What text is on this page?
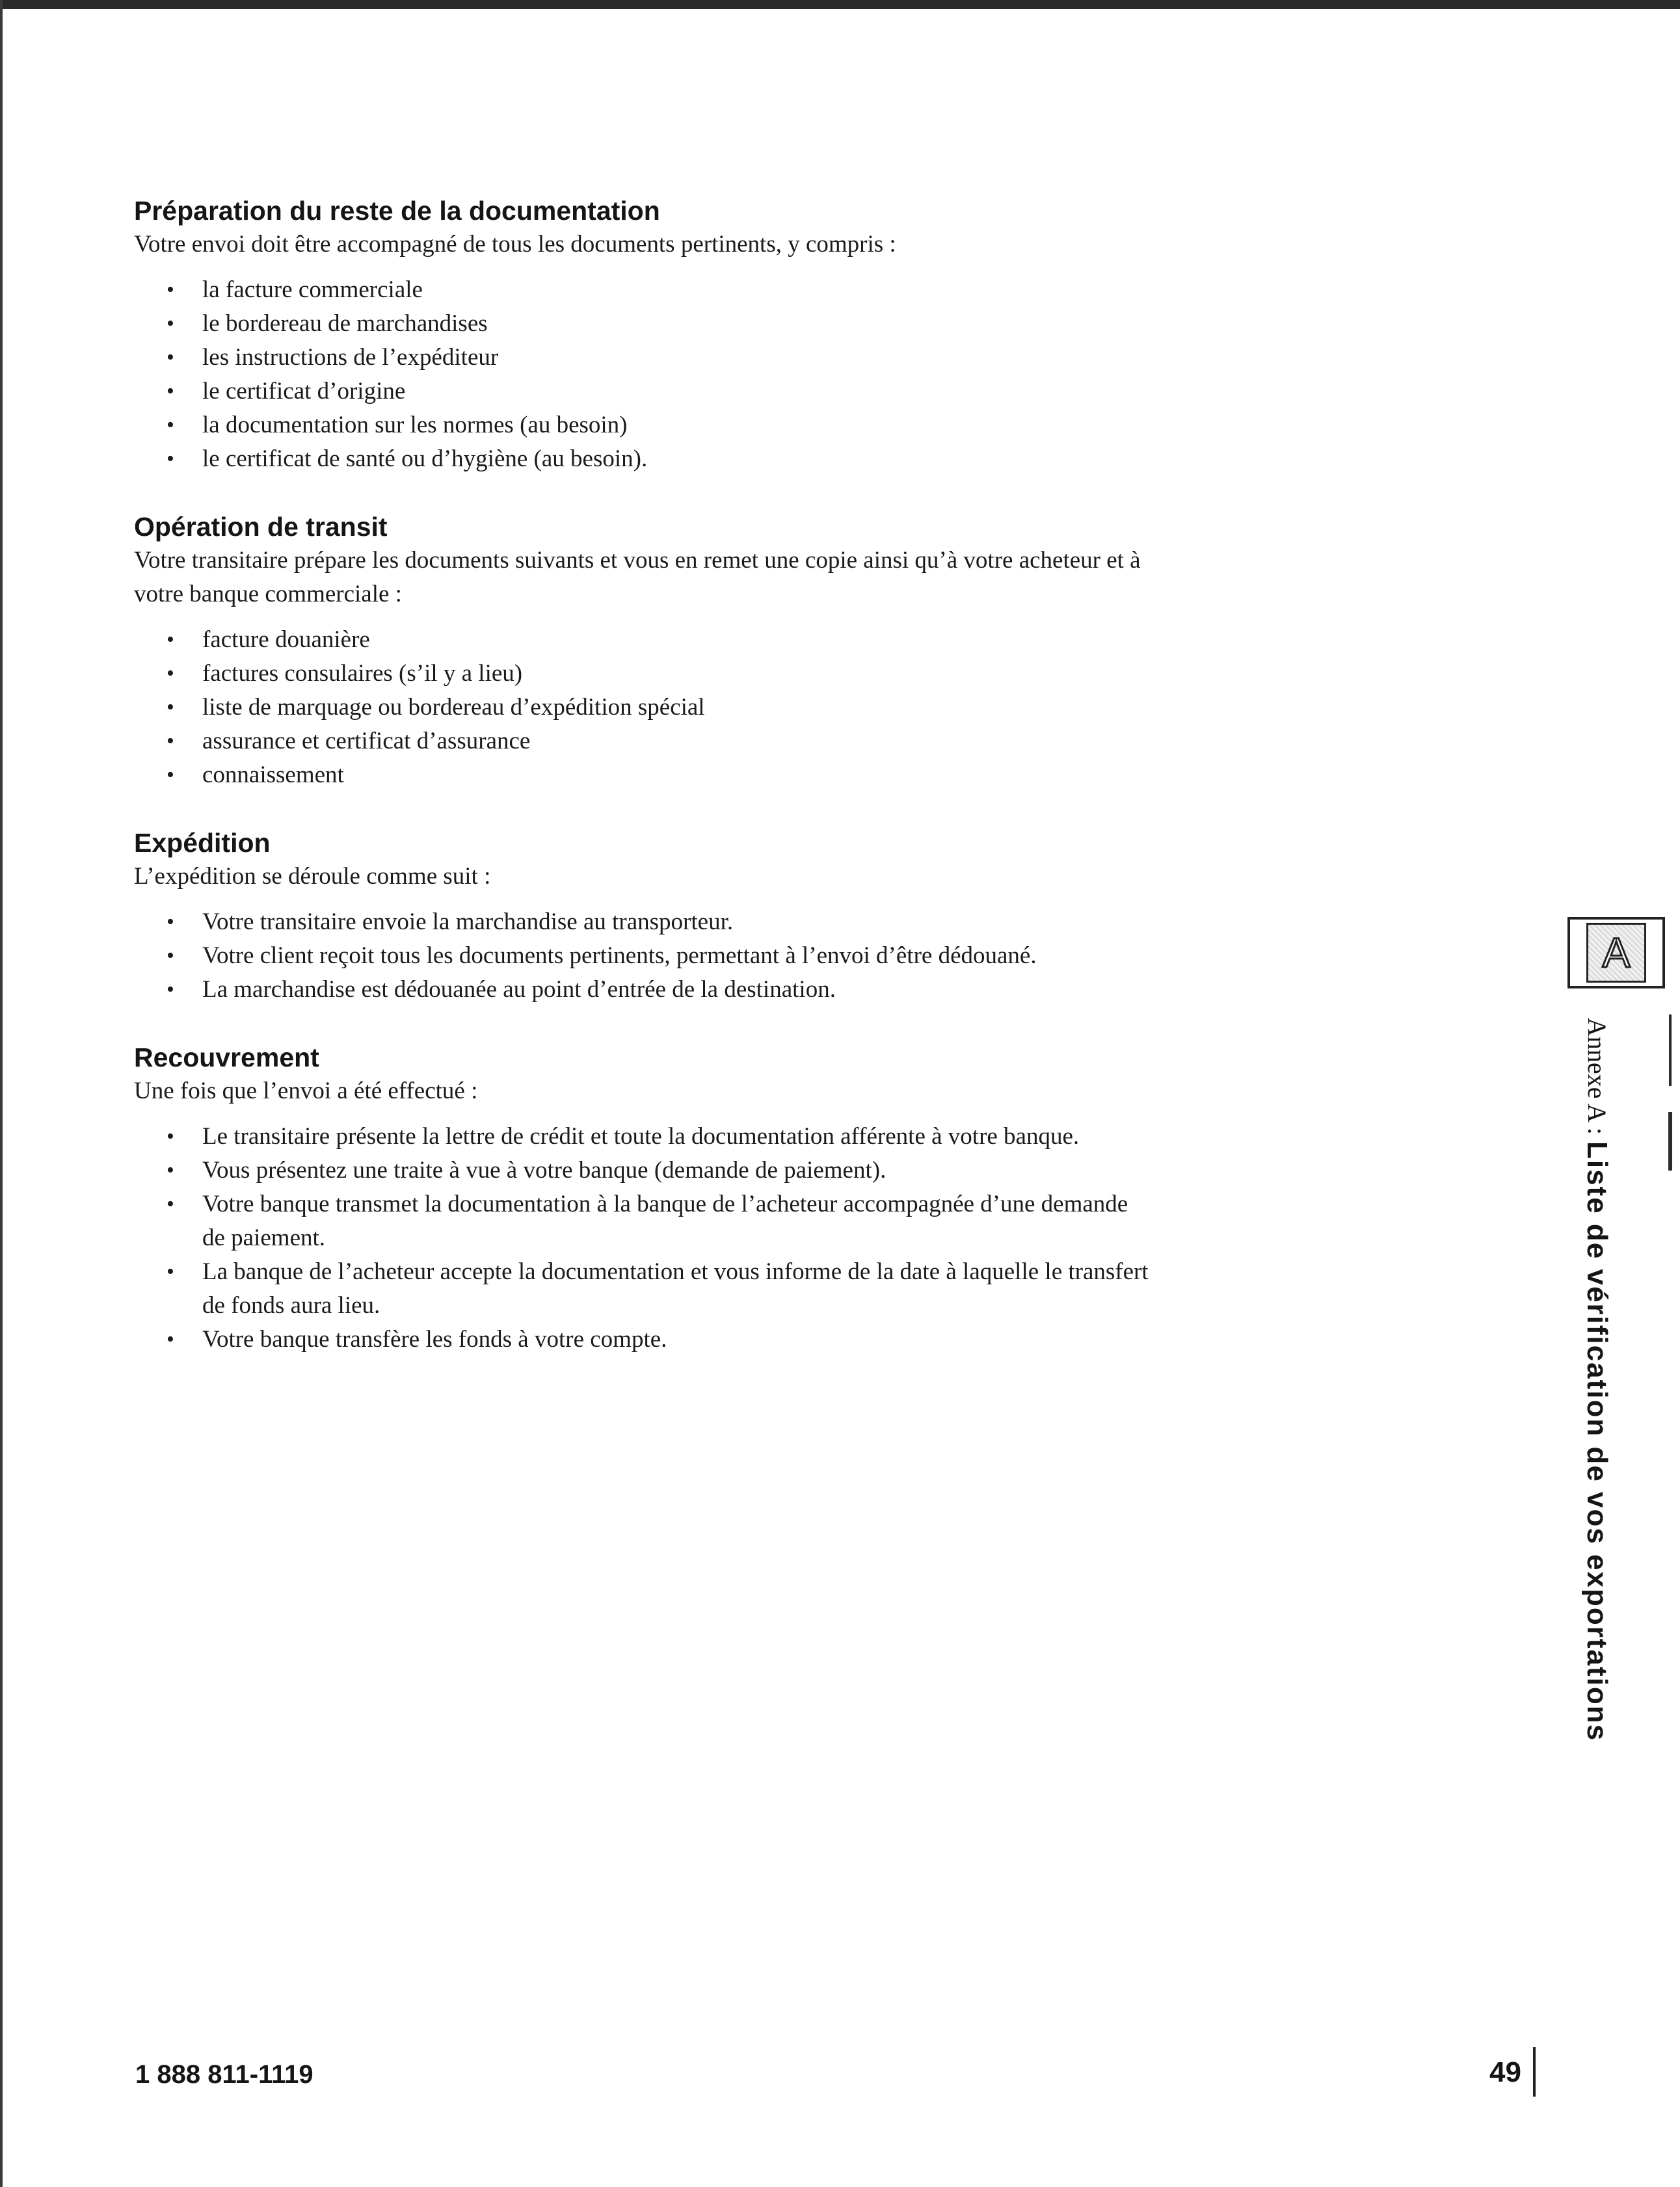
Préparation du reste de la documentation

Votre envoi doit être accompagné de tous les documents pertinents, y compris :

• la facture commerciale
• le bordereau de marchandises
• les instructions de l’expéditeur
• le certificat d’origine
• la documentation sur les normes (au besoin)
• le certificat de santé ou d’hygiène (au besoin).
Opération de transit

Votre transitaire prépare les documents suivants et vous en remet une copie ainsi qu’à votre acheteur et à votre banque commerciale :

• facture douanière
• factures consulaires (s’il y a lieu)
• liste de marquage ou bordereau d’expédition spécial
• assurance et certificat d’assurance
• connaissement
Expédition

L’expédition se déroule comme suit :

• Votre transitaire envoie la marchandise au transporteur.
• Votre client reçoit tous les documents pertinents, permettant à l’envoi d’être dédouané.
• La marchandise est dédouanée au point d’entrée de la destination.
Recouvrement

Une fois que l’envoi a été effectué :

• Le transitaire présente la lettre de crédit et toute la documentation afférente à votre banque.
• Vous présentez une traite à vue à votre banque (demande de paiement).
• Votre banque transmet la documentation à la banque de l’acheteur accompagnée d’une demande de paiement.
• La banque de l’acheteur accepte la documentation et vous informe de la date à laquelle le transfert de fonds aura lieu.
• Votre banque transfère les fonds à votre compte.
A
Annexe A : Liste de vérification de vos exportations
1 888 811-1119	49
